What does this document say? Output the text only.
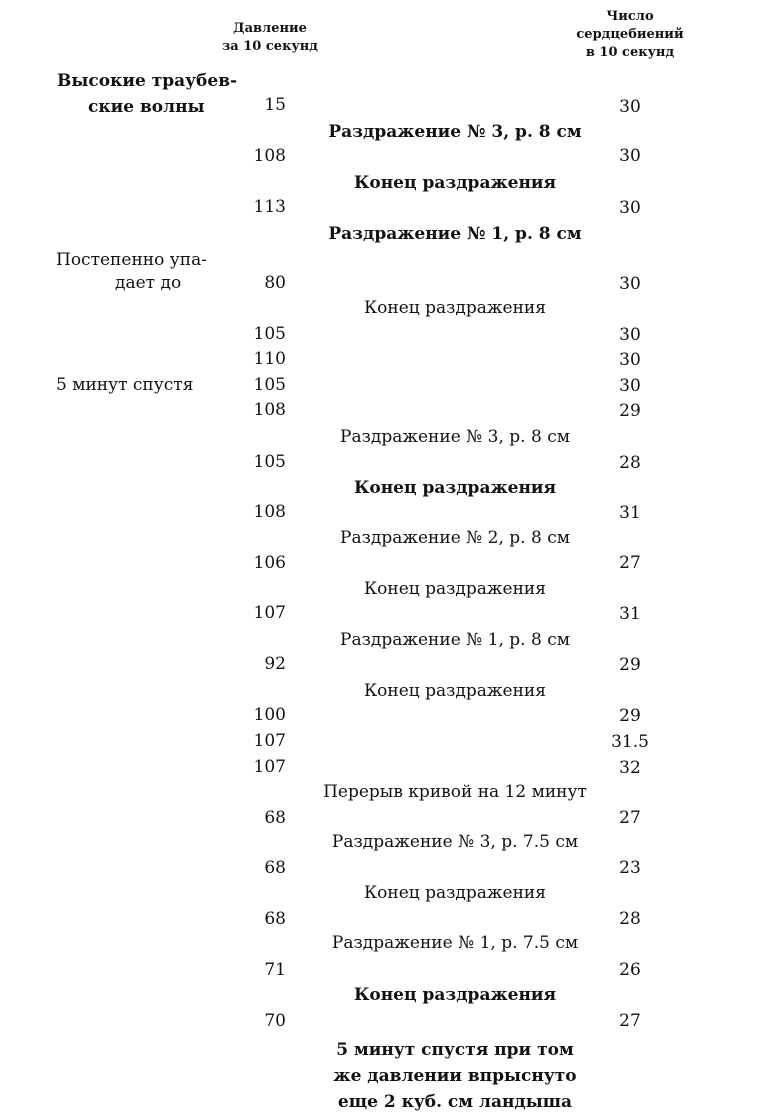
Давление
за 10 секунд
Число
сердцебиений
в 10 секунд
Высокие траубев-
ские волны
Постепенно упа-
дает до
5 минут спустя
15
108
113
80
105
110
105
108
105
108
106
107
92
100
107
107
68
68
68
71
70
30
30
30
30
30
30
30
29
28
31
27
31
29
29
31.5
32
27
23
28
26
27
Раздражение № 3, р. 8 см
Конец раздражения
Раздражение № 1, р. 8 см
Конец раздражения
Раздражение № 3, р. 8 см
Конец раздражения
Раздражение № 2, р. 8 см
Конец раздражения
Раздражение № 1, р. 8 см
Конец раздражения
Перерыв кривой на 12 минут
Раздражение № 3, р. 7.5 см
Конец раздражения
Раздражение № 1, р. 7.5 см
Конец раздражения
5 минут спустя при том
же давлении впрыснуто
еще 2 куб. см ландыша
